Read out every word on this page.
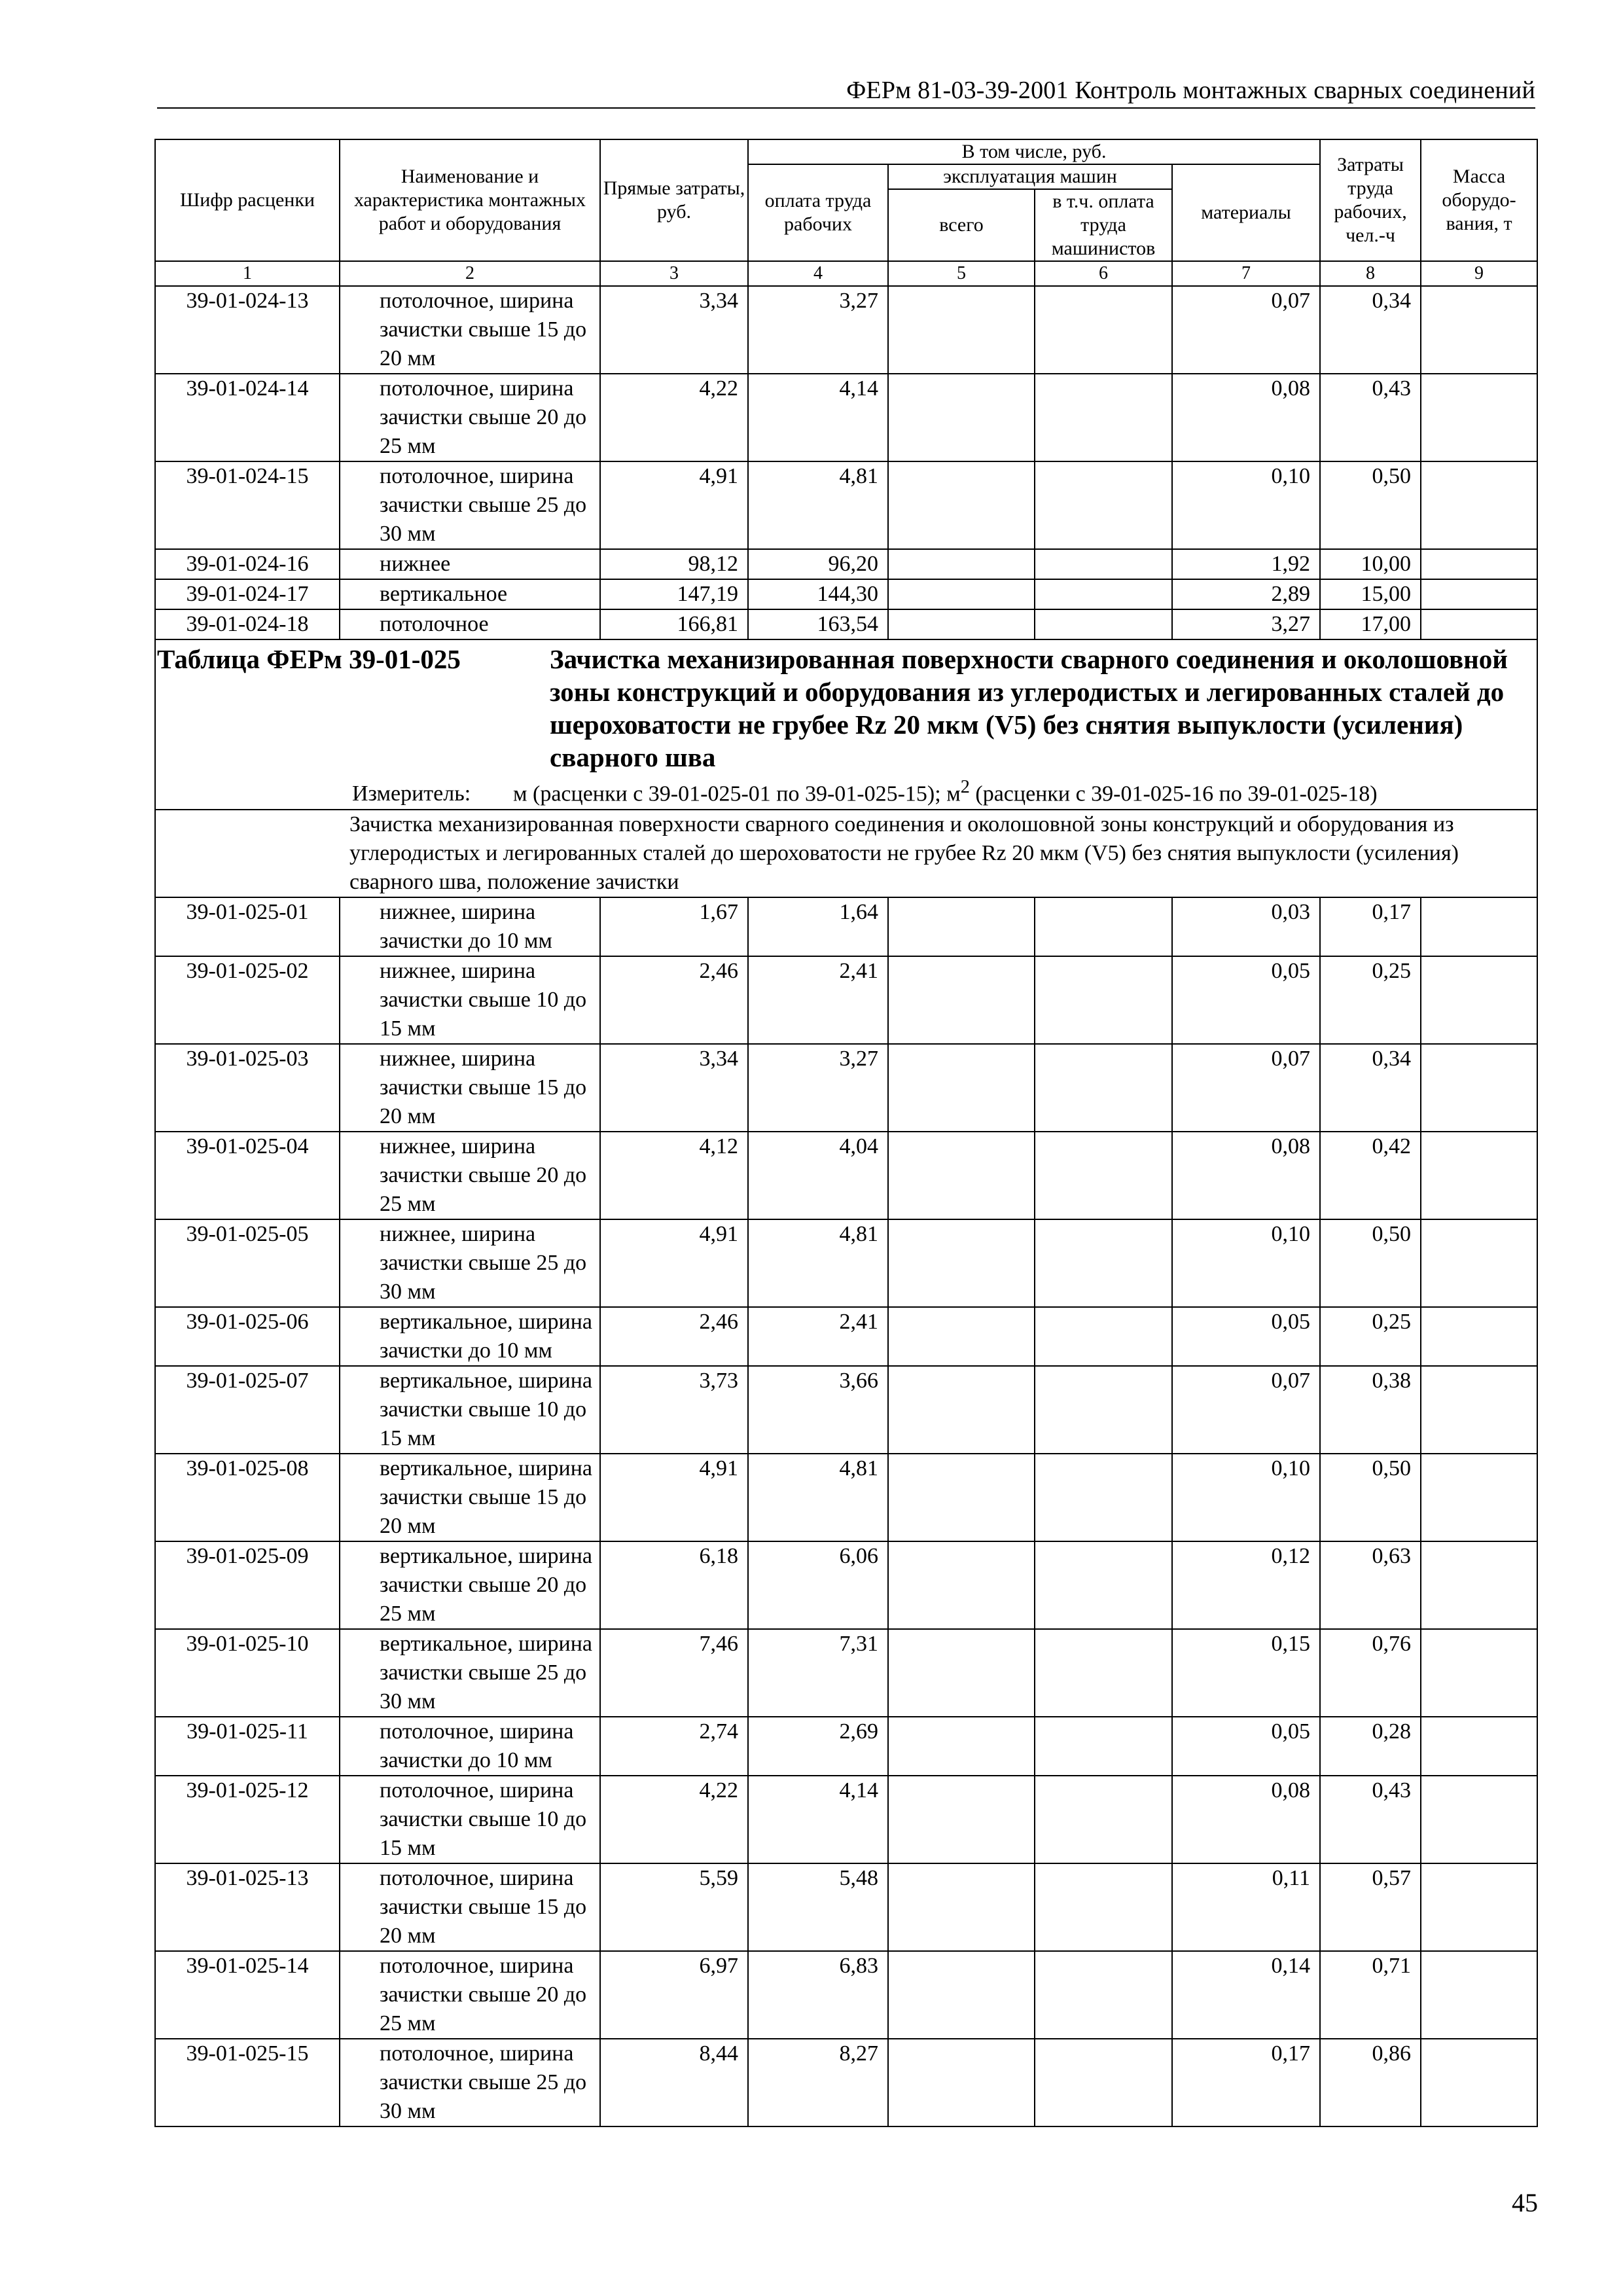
ФЕРм 81-03-39-2001 Контроль монтажных сварных соединений
Шифр расценки	Наименование и характеристика монтажных работ и оборудования	Прямые затраты, руб.	В том числе, руб.				Затраты труда рабочих, чел.-ч	Масса оборудо-вания, т
			оплата труда рабочих	эксплуатация машин		материалы		
				всего	в т.ч. оплата труда машинистов			
1	2	3	4	5	6	7	8	9
39-01-024-13	потолочное, ширина зачистки свыше 15 до 20 мм	3,34	3,27			0,07	0,34	
39-01-024-14	потолочное, ширина зачистки свыше 20 до 25 мм	4,22	4,14			0,08	0,43	
39-01-024-15	потолочное, ширина зачистки свыше 25 до 30 мм	4,91	4,81			0,10	0,50	
39-01-024-16	нижнее	98,12	96,20			1,92	10,00	
39-01-024-17	вертикальное	147,19	144,30			2,89	15,00	
39-01-024-18	потолочное	166,81	163,54			3,27	17,00	

Таблица ФЕРм 39-01-025 Зачистка механизированная поверхности сварного соединения и околошовной зоны конструкций и оборудования из углеродистых и легированных сталей до шероховатости не грубее Rz 20 мкм (V5) без снятия выпуклости (усиления) сварного шва
Измеритель: м (расценки с 39-01-025-01 по 39-01-025-15); $м^2$ (расценки с 39-01-025-16 по 39-01-025-18)								

Зачистка механизированная поверхности сварного соединения и околошовной зоны конструкций и оборудования из углеродистых и легированных сталей до шероховатости не грубее Rz 20 мкм (V5) без снятия выпуклости (усиления) сварного шва, положение зачистки								
39-01-025-01	нижнее, ширина зачистки до 10 мм	1,67	1,64			0,03	0,17	
39-01-025-02	нижнее, ширина зачистки свыше 10 до 15 мм	2,46	2,41			0,05	0,25	
39-01-025-03	нижнее, ширина зачистки свыше 15 до 20 мм	3,34	3,27			0,07	0,34	
39-01-025-04	нижнее, ширина зачистки свыше 20 до 25 мм	4,12	4,04			0,08	0,42	
39-01-025-05	нижнее, ширина зачистки свыше 25 до 30 мм	4,91	4,81			0,10	0,50	
39-01-025-06	вертикальное, ширина зачистки до 10 мм	2,46	2,41			0,05	0,25	
39-01-025-07	вертикальное, ширина зачистки свыше 10 до 15 мм	3,73	3,66			0,07	0,38	
39-01-025-08	вертикальное, ширина зачистки свыше 15 до 20 мм	4,91	4,81			0,10	0,50	
39-01-025-09	вертикальное, ширина зачистки свыше 20 до 25 мм	6,18	6,06			0,12	0,63	
39-01-025-10	вертикальное, ширина зачистки свыше 25 до 30 мм	7,46	7,31			0,15	0,76	
39-01-025-11	потолочное, ширина зачистки до 10 мм	2,74	2,69			0,05	0,28	
39-01-025-12	потолочное, ширина зачистки свыше 10 до 15 мм	4,22	4,14			0,08	0,43	
39-01-025-13	потолочное, ширина зачистки свыше 15 до 20 мм	5,59	5,48			0,11	0,57	
39-01-025-14	потолочное, ширина зачистки свыше 20 до 25 мм	6,97	6,83			0,14	0,71	
39-01-025-15	потолочное, ширина зачистки свыше 25 до 30 мм	8,44	8,27			0,17	0,86	
45
